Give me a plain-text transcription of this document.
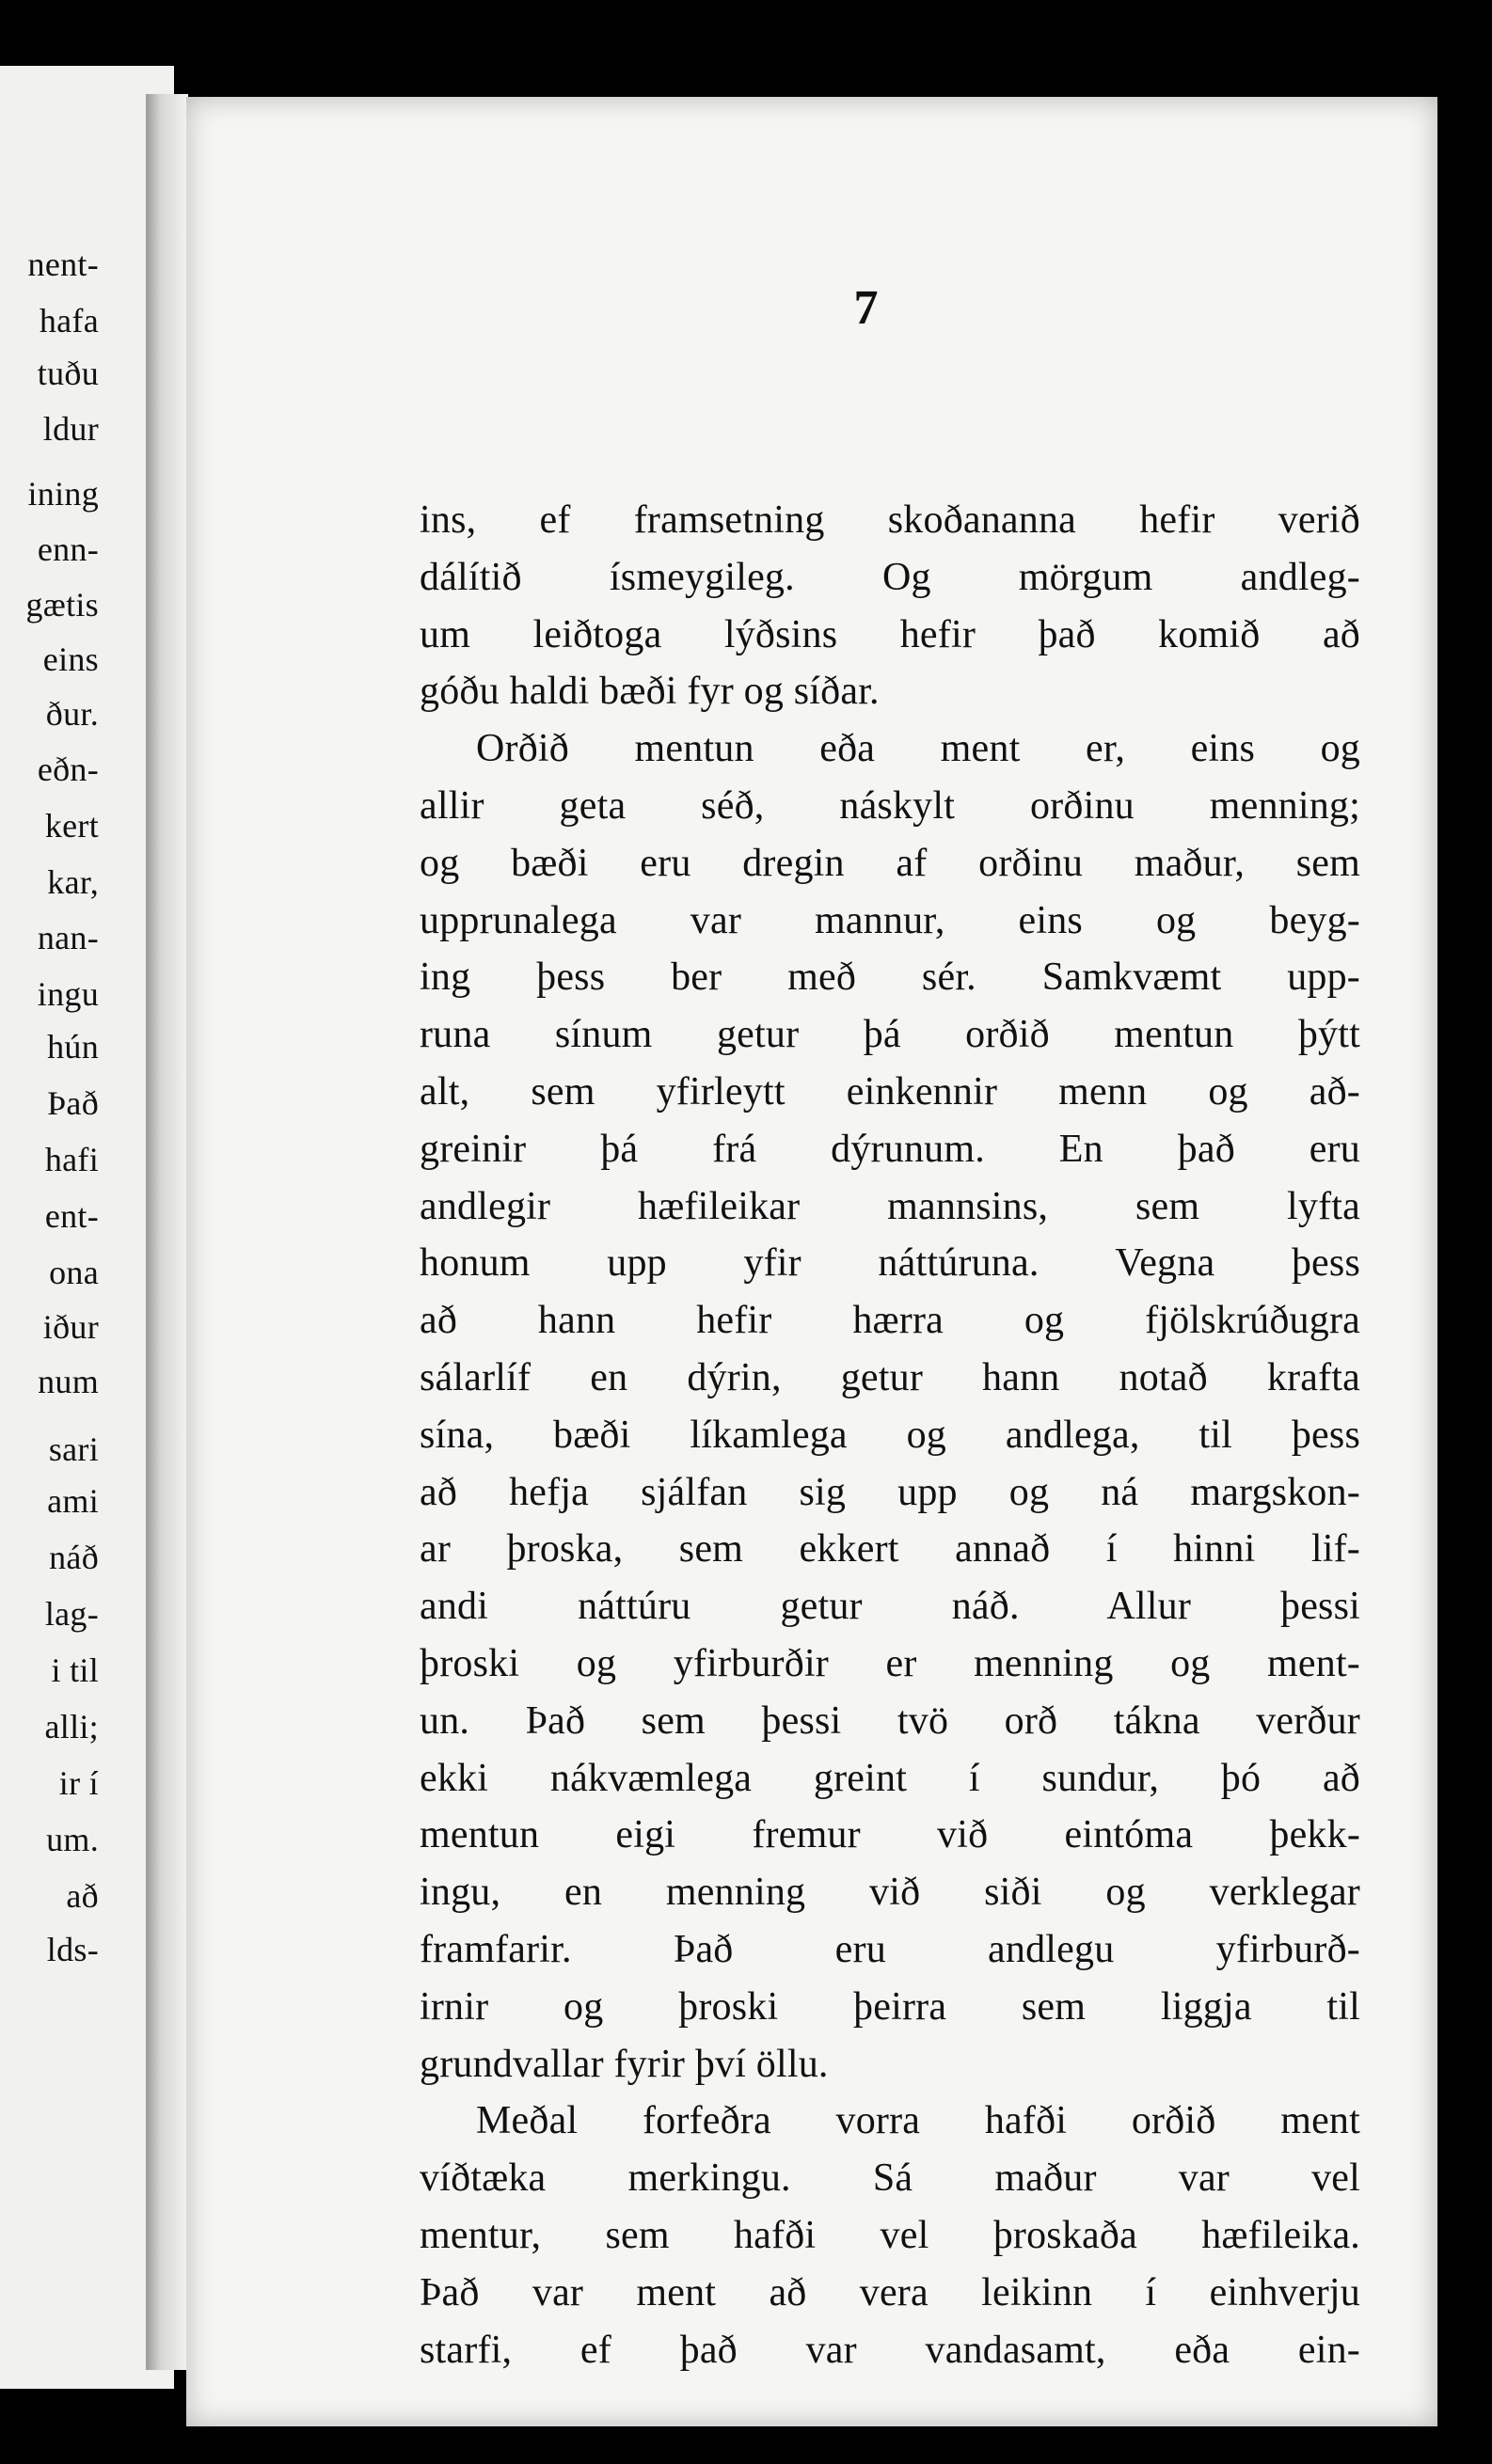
nent-
hafa
tuðu
ldur
ining
enn-
gætis
eins
ður.
eðn-
kert
kar,
nan-
ingu
hún
Það
hafi
ent-
ona
iður
num
sari
ami
náð
lag-
i til
alli;
ir í
um.
að
lds-
7
ins, ef framsetning skoðananna hefir verið
dálítið ísmeygileg. Og mörgum andleg-
um leiðtoga lýðsins hefir það komið að
góðu haldi bæði fyr og síðar.
Orðið mentun eða ment er, eins og
allir geta séð, náskylt orðinu menning;
og bæði eru dregin af orðinu maður, sem
upprunalega var mannur, eins og beyg-
ing þess ber með sér. Samkvæmt upp-
runa sínum getur þá orðið mentun þýtt
alt, sem yfirleytt einkennir menn og að-
greinir þá frá dýrunum. En það eru
andlegir hæfileikar mannsins, sem lyfta
honum upp yfir náttúruna. Vegna þess
að hann hefir hærra og fjölskrúðugra
sálarlíf en dýrin, getur hann notað krafta
sína, bæði líkamlega og andlega, til þess
að hefja sjálfan sig upp og ná margskon-
ar þroska, sem ekkert annað í hinni lif-
andi náttúru getur náð. Allur þessi
þroski og yfirburðir er menning og ment-
un. Það sem þessi tvö orð tákna verður
ekki nákvæmlega greint í sundur, þó að
mentun eigi fremur við eintóma þekk-
ingu, en menning við siði og verklegar
framfarir. Það eru andlegu yfirburð-
irnir og þroski þeirra sem liggja til
grundvallar fyrir því öllu.
Meðal forfeðra vorra hafði orðið ment
víðtæka merkingu. Sá maður var vel
mentur, sem hafði vel þroskaða hæfileika.
Það var ment að vera leikinn í einhverju
starfi, ef það var vandasamt, eða ein-
